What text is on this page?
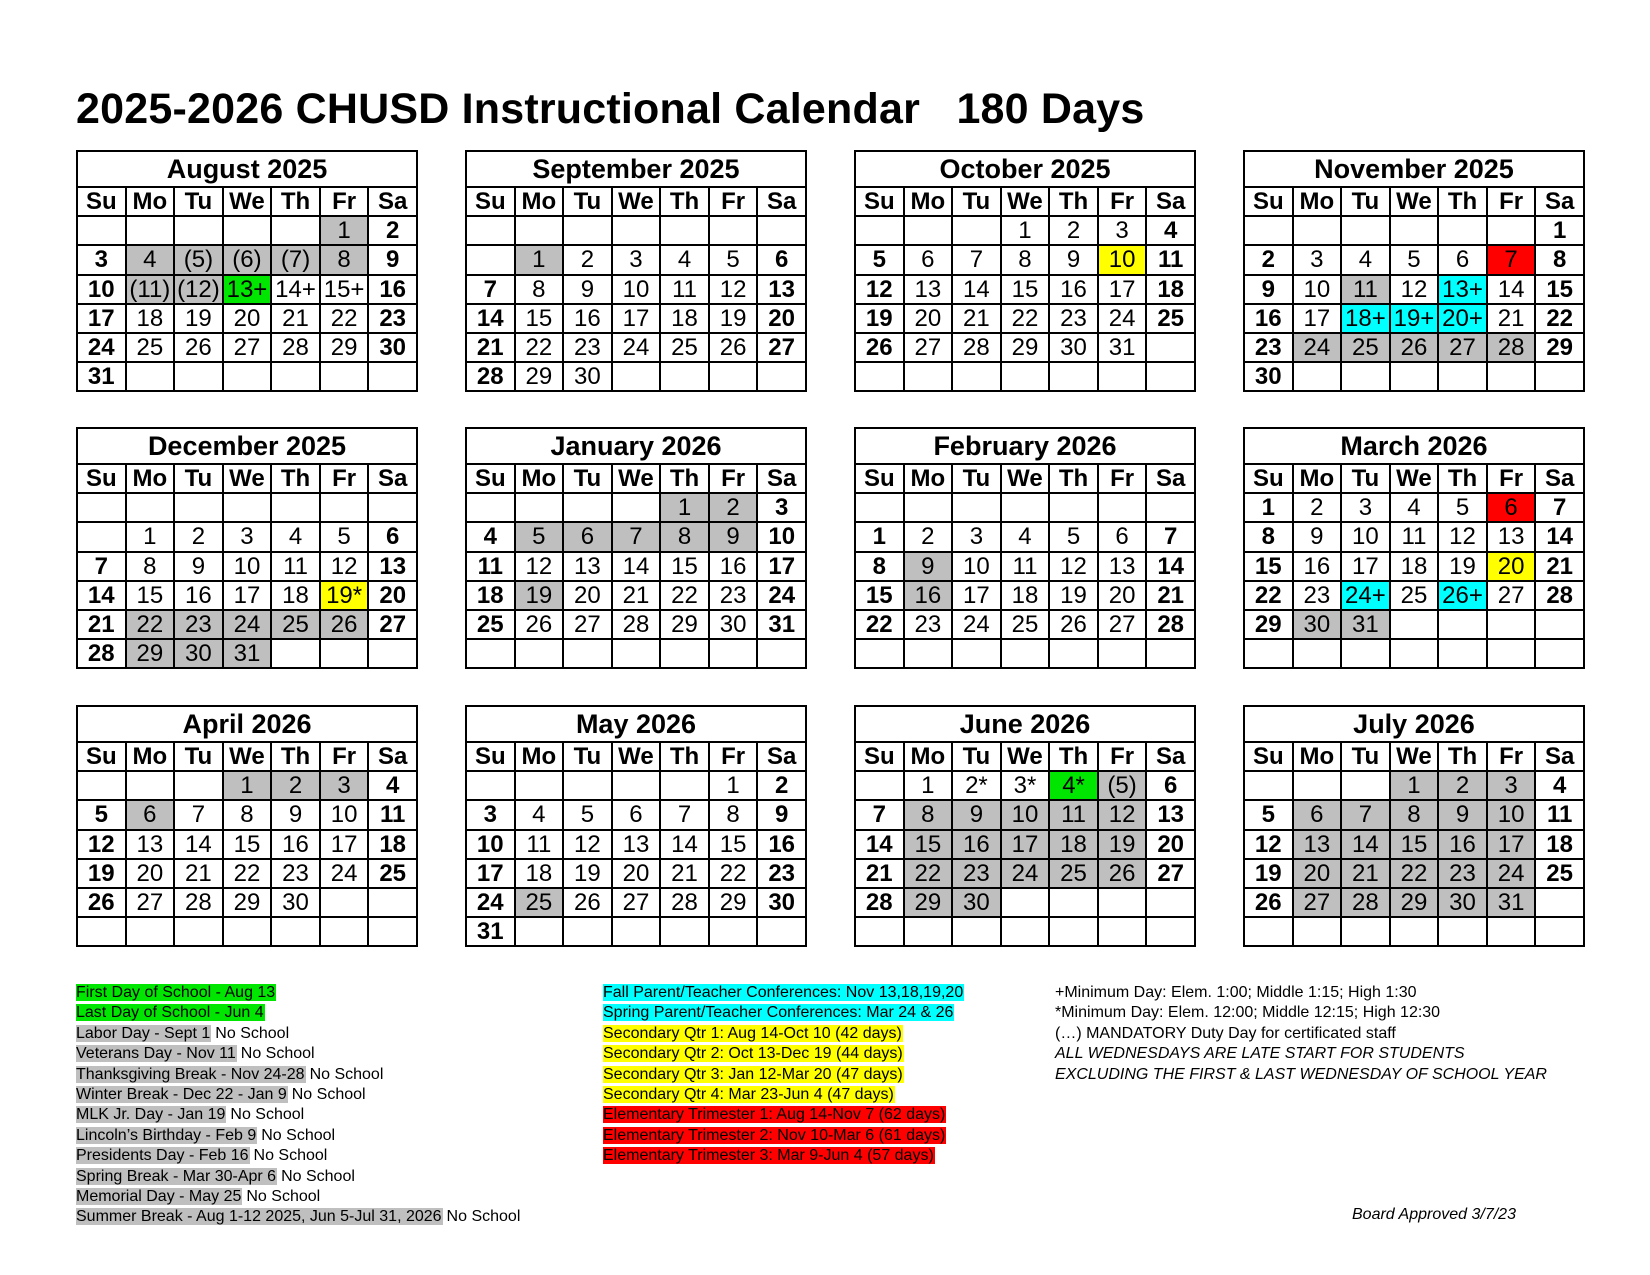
2025-2026 CHUSD Instructional Calendar   180 Days
August 2025						
Su	Mo	Tu	We	Th	Fr	Sa
					1	2
3	4	(5)	(6)	(7)	8	9
10	(11)	(12)	13+	14+	15+	16
17	18	19	20	21	22	23
24	25	26	27	28	29	30
31						
September 2025						
Su	Mo	Tu	We	Th	Fr	Sa

	1	2	3	4	5	6
7	8	9	10	11	12	13
14	15	16	17	18	19	20
21	22	23	24	25	26	27
28	29	30				
October 2025						
Su	Mo	Tu	We	Th	Fr	Sa
			1	2	3	4
5	6	7	8	9	10	11
12	13	14	15	16	17	18
19	20	21	22	23	24	25
26	27	28	29	30	31	

November 2025						
Su	Mo	Tu	We	Th	Fr	Sa
						1
2	3	4	5	6	7	8
9	10	11	12	13+	14	15
16	17	18+	19+	20+	21	22
23	24	25	26	27	28	29
30						
December 2025						
Su	Mo	Tu	We	Th	Fr	Sa

	1	2	3	4	5	6
7	8	9	10	11	12	13
14	15	16	17	18	19*	20
21	22	23	24	25	26	27
28	29	30	31			
January 2026						
Su	Mo	Tu	We	Th	Fr	Sa
				1	2	3
4	5	6	7	8	9	10
11	12	13	14	15	16	17
18	19	20	21	22	23	24
25	26	27	28	29	30	31

February 2026						
Su	Mo	Tu	We	Th	Fr	Sa

1	2	3	4	5	6	7
8	9	10	11	12	13	14
15	16	17	18	19	20	21
22	23	24	25	26	27	28

March 2026						
Su	Mo	Tu	We	Th	Fr	Sa
1	2	3	4	5	6	7
8	9	10	11	12	13	14
15	16	17	18	19	20	21
22	23	24+	25	26+	27	28
29	30	31				

April 2026						
Su	Mo	Tu	We	Th	Fr	Sa
			1	2	3	4
5	6	7	8	9	10	11
12	13	14	15	16	17	18
19	20	21	22	23	24	25
26	27	28	29	30		

May 2026						
Su	Mo	Tu	We	Th	Fr	Sa
					1	2
3	4	5	6	7	8	9
10	11	12	13	14	15	16
17	18	19	20	21	22	23
24	25	26	27	28	29	30
31						
June 2026						
Su	Mo	Tu	We	Th	Fr	Sa
	1	2*	3*	4*	(5)	6
7	8	9	10	11	12	13
14	15	16	17	18	19	20
21	22	23	24	25	26	27
28	29	30				

July 2026						
Su	Mo	Tu	We	Th	Fr	Sa
			1	2	3	4
5	6	7	8	9	10	11
12	13	14	15	16	17	18
19	20	21	22	23	24	25
26	27	28	29	30	31	

First Day of School - Aug 13
Last Day of School - Jun 4
Labor Day - Sept 1 No School
Veterans Day - Nov 11 No School
Thanksgiving Break - Nov 24-28 No School
Winter Break - Dec 22 - Jan 9 No School
MLK Jr. Day - Jan 19 No School
Lincoln’s Birthday - Feb 9 No School
Presidents Day - Feb 16 No School
Spring Break - Mar 30-Apr 6 No School
Memorial Day - May 25 No School
Summer Break - Aug 1-12 2025, Jun 5-Jul 31, 2026 No School
Fall Parent/Teacher Conferences: Nov 13,18,19,20
Spring Parent/Teacher Conferences: Mar 24 & 26
Secondary Qtr 1: Aug 14-Oct 10 (42 days)
Secondary Qtr 2: Oct 13-Dec 19 (44 days)
Secondary Qtr 3: Jan 12-Mar 20 (47 days)
Secondary Qtr 4: Mar 23-Jun 4 (47 days)
Elementary Trimester 1: Aug 14-Nov 7 (62 days)
Elementary Trimester 2: Nov 10-Mar 6 (61 days)
Elementary Trimester 3: Mar 9-Jun 4 (57 days)
+Minimum Day: Elem. 1:00; Middle 1:15; High 1:30
*Minimum Day: Elem. 12:00; Middle 12:15; High 12:30
(…) MANDATORY Duty Day for certificated staff
ALL WEDNESDAYS ARE LATE START FOR STUDENTS
EXCLUDING THE FIRST & LAST WEDNESDAY OF SCHOOL YEAR
Board Approved 3/7/23
